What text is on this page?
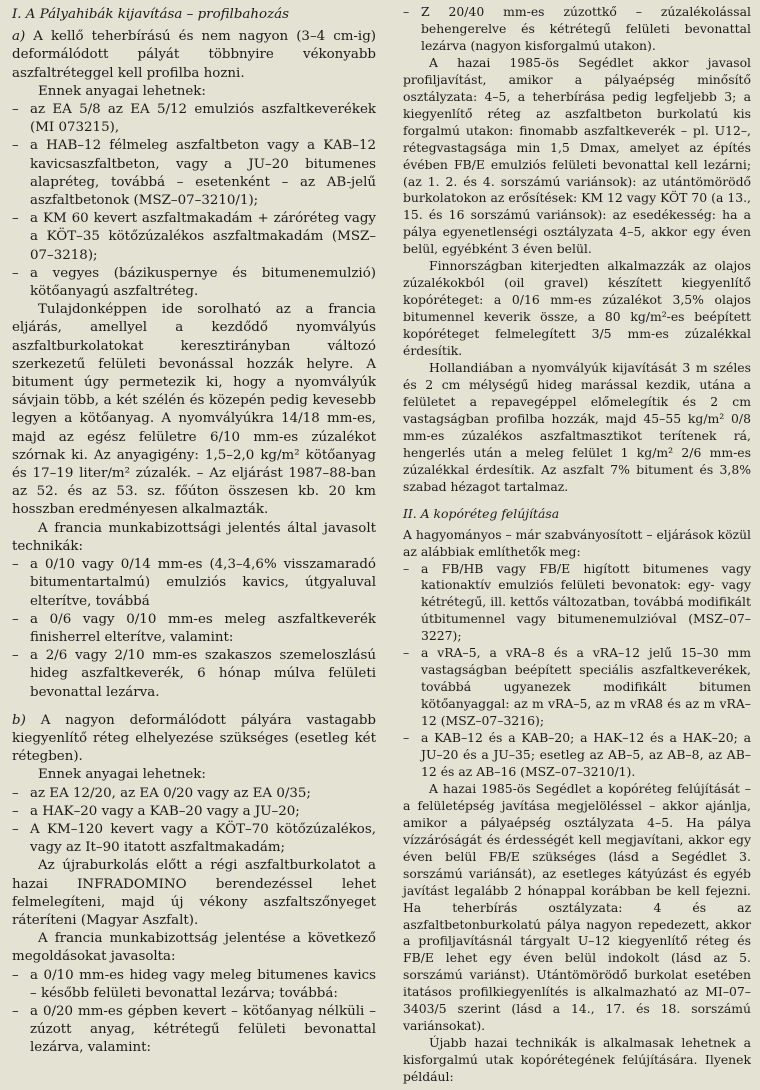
I. A Pályahibák kijavítása – profilbahozás

a) A kellő teherbírású és nem nagyon (3–4 cm-ig) deformálódott pályát többnyire vékonyabb aszfaltréteggel kell profilba hozni.

Ennek anyagai lehetnek:

– az EA 5/8 az EA 5/12 emulziós aszfaltkeverékek (MI 073215),

– a HAB–12 félmeleg aszfaltbeton vagy a KAB–12 kavicsaszfaltbeton, vagy a JU–20 bitumenes alapréteg, továbbá – esetenként – az AB-jelű aszfaltbetonok (MSZ–07–3210/1);

– a KM 60 kevert aszfaltmakadám + záróréteg vagy a KÖT–35 kötőzúzalékos aszfaltmakadám (MSZ–07–3218);

– a vegyes (bázikuspernye és bitumenemulzió) kötőanyagú aszfaltréteg.

Tulajdonképpen ide sorolható az a francia eljárás, amellyel a kezdődő nyomvályús aszfaltburkolatokat keresztirányban változó szerkezetű felületi bevonással hozzák helyre. A bitument úgy permetezik ki, hogy a nyomvályúk sávjain több, a két szélén és közepén pedig kevesebb legyen a kötőanyag. A nyomvályúkra 14/18 mm-es, majd az egész felületre 6/10 mm-es zúzalékot szórnak ki. Az anyagigény: 1,5–2,0 kg/m² kötőanyag és 17–19 liter/m² zúzalék. – Az eljárást 1987–88-ban az 52. és az 53. sz. főúton összesen kb. 20 km hosszban eredményesen alkalmazták.

A francia munkabizottsági jelentés által javasolt technikák:

– a 0/10 vagy 0/14 mm-es (4,3–4,6% visszamaradó bitumentartalmú) emulziós kavics, útgyaluval elterítve, továbbá

– a 0/6 vagy 0/10 mm-es meleg aszfaltkeverék finisherrel elterítve, valamint:

– a 2/6 vagy 2/10 mm-es szakaszos szemeloszlású hideg aszfaltkeverék, 6 hónap múlva felületi bevonattal lezárva.

b) A nagyon deformálódott pályára vastagabb kiegyenlítő réteg elhelyezése szükséges (esetleg két rétegben).

Ennek anyagai lehetnek:

– az EA 12/20, az EA 0/20 vagy az EA 0/35;

– a HAK–20 vagy a KAB–20 vagy a JU–20;

– A KM–120 kevert vagy a KÖT–70 kötőzúzalékos, vagy az It–90 itatott aszfaltmakadám;

Az újraburkolás előtt a régi aszfaltburkolatot a hazai INFRADOMINO berendezéssel lehet felmelegíteni, majd új vékony aszfaltszőnyeget ráteríteni (Magyar Aszfalt).

A francia munkabizottság jelentése a következő megoldásokat javasolta:

– a 0/10 mm-es hideg vagy meleg bitumenes kavics – később felületi bevonattal lezárva; továbbá:

– a 0/20 mm-es gépben kevert – kötőanyag nélküli – zúzott anyag, kétrétegű felületi bevonattal lezárva, valamint:

– Z 20/40 mm-es zúzottkő – zúzalékolással behengerelve és kétrétegű felületi bevonattal lezárva (nagyon kisforgalmú utakon).

A hazai 1985-ös Segédlet akkor javasol profiljavítást, amikor a pályaépség minősítő osztályzata: 4–5, a teherbírása pedig legfeljebb 3; a kiegyenlítő réteg az aszfaltbeton burkolatú kis forgalmú utakon: finomabb aszfaltkeverék – pl. U12–, rétegvastagsága min 1,5 Dmax, amelyet az építés évében FB/E emulziós felületi bevonattal kell lezárni; (az 1. 2. és 4. sorszámú variánsok): az utántömörödő burkolatokon az erősítések: KM 12 vagy KÖT 70 (a 13., 15. és 16 sorszámú variánsok): az esedékesség: ha a pálya egyenetlenségi osztályzata 4–5, akkor egy éven belül, egyébként 3 éven belül.

Finnországban kiterjedten alkalmazzák az olajos zúzalékokból (oil gravel) készített kiegyenlítő kopóréteget: a 0/16 mm-es zúzalékot 3,5% olajos bitumennel keverik össze, a 80 kg/m²-es beépített kopóréteget felmelegített 3/5 mm-es zúzalékkal érdesítik.

Hollandiában a nyomvályúk kijavítását 3 m széles és 2 cm mélységű hideg marással kezdik, utána a felületet a repavegéppel előmelegítik és 2 cm vastagságban profilba hozzák, majd 45–55 kg/m² 0/8 mm-es zúzalékos aszfaltmasztikot terítenek rá, hengerlés után a meleg felület 1 kg/m² 2/6 mm-es zúzalékkal érdesítik. Az aszfalt 7% bitument és 3,8% szabad hézagot tartalmaz.

II. A kopóréteg felújítása

A hagyományos – már szabványosított – eljárások közül az alábbiak említhetők meg:

– a FB/HB vagy FB/E higított bitumenes vagy kationaktív emulziós felületi bevonatok: egy- vagy kétrétegű, ill. kettős változatban, továbbá modifikált útbitumennel vagy bitumenemulzióval (MSZ–07–3227);

– a vRA–5, a vRA–8 és a vRA–12 jelű 15–30 mm vastagságban beépített speciális aszfaltkeverékek, továbbá ugyanezek modifikált bitumen kötőanyaggal: az m vRA–5, az m vRA8 és az m vRA–12 (MSZ–07–3216);

– a KAB–12 és a KAB–20; a HAK–12 és a HAK–20; a JU–20 és a JU–35; esetleg az AB–5, az AB–8, az AB–12 és az AB–16 (MSZ–07–3210/1).

A hazai 1985-ös Segédlet a kopóréteg felújítását – a felületépség javítása megjelöléssel – akkor ajánlja, amikor a pályaépség osztályzata 4–5. Ha pálya vízzáróságát és érdességét kell megjavítani, akkor egy éven belül FB/E szükséges (lásd a Segédlet 3. sorszámú variánsát), az esetleges kátyúzást és egyéb javítást legalább 2 hónappal korábban be kell fejezni. Ha teherbírás osztályzata: 4 és az aszfaltbetonburkolatú pálya nagyon repedezett, akkor a profiljavításnál tárgyalt U–12 kiegyenlítő réteg és FB/E lehet egy éven belül indokolt (lásd az 5. sorszámú variánst). Utántömörödő burkolat esetében itatásos profilkiegyenlítés is alkalmazható az MI–07–3403/5 szerint (lásd a 14., 17. és 18. sorszámú variánsokat).

Újabb hazai technikák is alkalmasak lehetnek a kisforgalmú utak kopórétegének felújítására. Ilyenek például:
